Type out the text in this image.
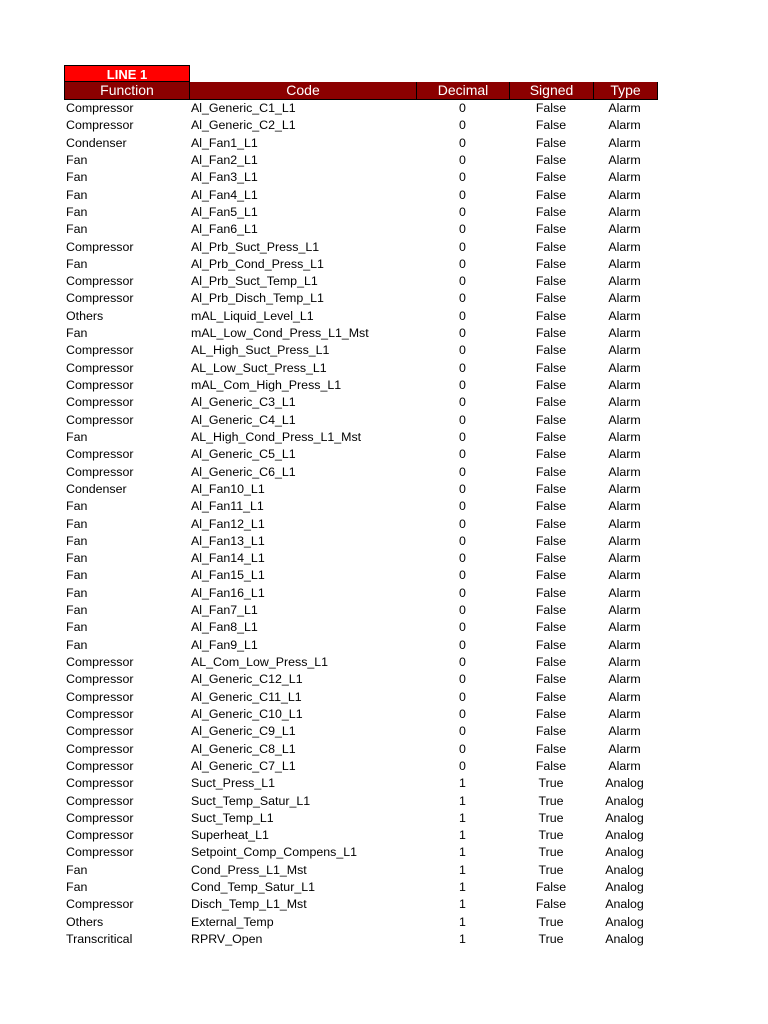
LINE 1
Function	Code	Decimal	Signed	Type
Compressor	Al_Generic_C1_L1	0	False	Alarm
Compressor	Al_Generic_C2_L1	0	False	Alarm
Condenser	Al_Fan1_L1	0	False	Alarm
Fan	Al_Fan2_L1	0	False	Alarm
Fan	Al_Fan3_L1	0	False	Alarm
Fan	Al_Fan4_L1	0	False	Alarm
Fan	Al_Fan5_L1	0	False	Alarm
Fan	Al_Fan6_L1	0	False	Alarm
Compressor	Al_Prb_Suct_Press_L1	0	False	Alarm
Fan	Al_Prb_Cond_Press_L1	0	False	Alarm
Compressor	Al_Prb_Suct_Temp_L1	0	False	Alarm
Compressor	Al_Prb_Disch_Temp_L1	0	False	Alarm
Others	mAL_Liquid_Level_L1	0	False	Alarm
Fan	mAL_Low_Cond_Press_L1_Mst	0	False	Alarm
Compressor	AL_High_Suct_Press_L1	0	False	Alarm
Compressor	AL_Low_Suct_Press_L1	0	False	Alarm
Compressor	mAL_Com_High_Press_L1	0	False	Alarm
Compressor	Al_Generic_C3_L1	0	False	Alarm
Compressor	Al_Generic_C4_L1	0	False	Alarm
Fan	AL_High_Cond_Press_L1_Mst	0	False	Alarm
Compressor	Al_Generic_C5_L1	0	False	Alarm
Compressor	Al_Generic_C6_L1	0	False	Alarm
Condenser	Al_Fan10_L1	0	False	Alarm
Fan	Al_Fan11_L1	0	False	Alarm
Fan	Al_Fan12_L1	0	False	Alarm
Fan	Al_Fan13_L1	0	False	Alarm
Fan	Al_Fan14_L1	0	False	Alarm
Fan	Al_Fan15_L1	0	False	Alarm
Fan	Al_Fan16_L1	0	False	Alarm
Fan	Al_Fan7_L1	0	False	Alarm
Fan	Al_Fan8_L1	0	False	Alarm
Fan	Al_Fan9_L1	0	False	Alarm
Compressor	AL_Com_Low_Press_L1	0	False	Alarm
Compressor	Al_Generic_C12_L1	0	False	Alarm
Compressor	Al_Generic_C11_L1	0	False	Alarm
Compressor	Al_Generic_C10_L1	0	False	Alarm
Compressor	Al_Generic_C9_L1	0	False	Alarm
Compressor	Al_Generic_C8_L1	0	False	Alarm
Compressor	Al_Generic_C7_L1	0	False	Alarm
Compressor	Suct_Press_L1	1	True	Analog
Compressor	Suct_Temp_Satur_L1	1	True	Analog
Compressor	Suct_Temp_L1	1	True	Analog
Compressor	Superheat_L1	1	True	Analog
Compressor	Setpoint_Comp_Compens_L1	1	True	Analog
Fan	Cond_Press_L1_Mst	1	True	Analog
Fan	Cond_Temp_Satur_L1	1	False	Analog
Compressor	Disch_Temp_L1_Mst	1	False	Analog
Others	External_Temp	1	True	Analog
Transcritical	RPRV_Open	1	True	Analog
